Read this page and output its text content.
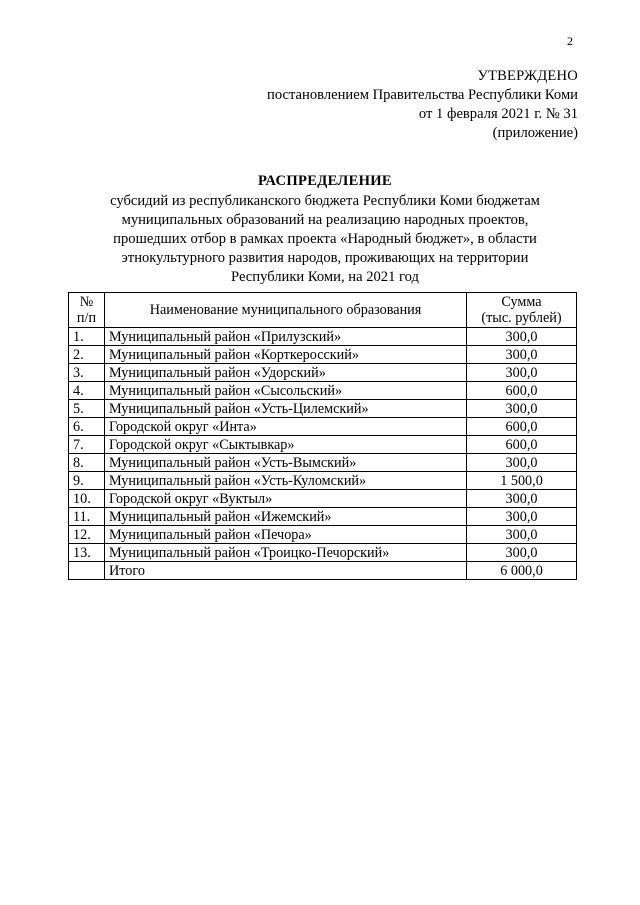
2
УТВЕРЖДЕНО
постановлением Правительства Республики Коми
от 1 февраля 2021 г. № 31
(приложение)
РАСПРЕДЕЛЕНИЕ
субсидий из республиканского бюджета Республики Коми бюджетам
муниципальных образований на реализацию народных проектов,
прошедших отбор в рамках проекта «Народный бюджет», в области
этнокультурного развития народов, проживающих на территории
Республики Коми, на 2021 год
№
п/п	Наименование муниципального образования	Сумма
(тыс. рублей)
1.	Муниципальный район «Прилузский»	300,0
2.	Муниципальный район «Корткеросский»	300,0
3.	Муниципальный район «Удорский»	300,0
4.	Муниципальный район «Сысольский»	600,0
5.	Муниципальный район «Усть-Цилемский»	300,0
6.	Городской округ «Инта»	600,0
7.	Городской округ «Сыктывкар»	600,0
8.	Муниципальный район «Усть-Вымский»	300,0
9.	Муниципальный район «Усть-Куломский»	1 500,0
10.	Городской округ «Вуктыл»	300,0
11.	Муниципальный район «Ижемский»	300,0
12.	Муниципальный район «Печора»	300,0
13.	Муниципальный район «Троицко-Печорский»	300,0
	Итого	6 000,0
